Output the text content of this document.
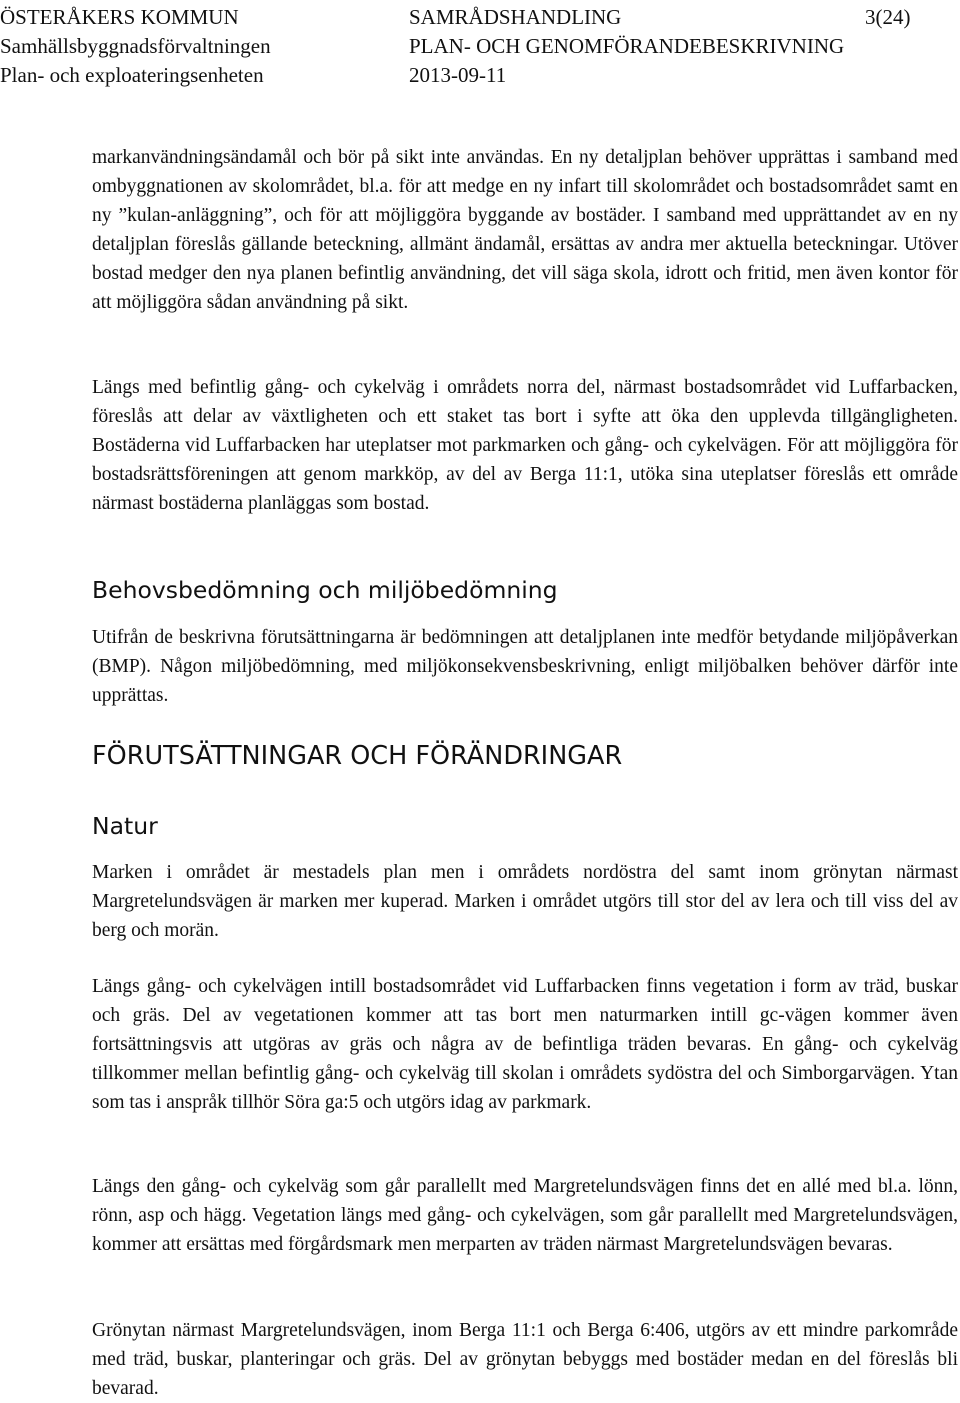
ÖSTERÅKERS KOMMUN	SAMRÅDSHANDLING	3(24)
Samhällsbyggnadsförvaltningen	PLAN- OCH GENOMFÖRANDEBESKRIVNING
Plan- och exploateringsenheten	2013-09-11

markanvändningsändamål och bör på sikt inte användas. En ny detaljplan behöver upprättas i samband med ombyggnationen av skolområdet, bl.a. för att medge en ny infart till skolområdet och bostadsområdet samt en ny ”kulan-anläggning”, och för att möjliggöra byggande av bostäder. I samband med upprättandet av en ny detaljplan föreslås gällande beteckning, allmänt ändamål, ersättas av andra mer aktuella beteckningar. Utöver bostad medger den nya planen befintlig användning, det vill säga skola, idrott och fritid, men även kontor för att möjliggöra sådan användning på sikt.

Längs med befintlig gång- och cykelväg i områdets norra del, närmast bostadsområdet vid Luffarbacken, föreslås att delar av växtligheten och ett staket tas bort i syfte att öka den upplevda tillgängligheten. Bostäderna vid Luffarbacken har uteplatser mot parkmarken och gång- och cykelvägen. För att möjliggöra för bostadsrättsföreningen att genom markköp, av del av Berga 11:1, utöka sina uteplatser föreslås ett område närmast bostäderna planläggas som bostad.

Behovsbedömning och miljöbedömning

Utifrån de beskrivna förutsättningarna är bedömningen att detaljplanen inte medför betydande miljöpåverkan (BMP). Någon miljöbedömning, med miljökonsekvensbeskrivning, enligt miljöbalken behöver därför inte upprättas.

FÖRUTSÄTTNINGAR OCH FÖRÄNDRINGAR
Natur

Marken i området är mestadels plan men i områdets nordöstra del samt inom grönytan närmast Margretelundsvägen är marken mer kuperad. Marken i området utgörs till stor del av lera och till viss del av berg och morän.

Längs gång- och cykelvägen intill bostadsområdet vid Luffarbacken finns vegetation i form av träd, buskar och gräs. Del av vegetationen kommer att tas bort men naturmarken intill gc-vägen kommer även fortsättningsvis att utgöras av gräs och några av de befintliga träden bevaras. En gång- och cykelväg tillkommer mellan befintlig gång- och cykelväg till skolan i områdets sydöstra del och Simborgarvägen. Ytan som tas i anspråk tillhör Söra ga:5 och utgörs idag av parkmark.

Längs den gång- och cykelväg som går parallellt med Margretelundsvägen finns det en allé med bl.a. lönn, rönn, asp och hägg. Vegetation längs med gång- och cykelvägen, som går parallellt med Margretelundsvägen, kommer att ersättas med förgårdsmark men merparten av träden närmast Margretelundsvägen bevaras.

Grönytan närmast Margretelundsvägen, inom Berga 11:1 och Berga 6:406, utgörs av ett mindre parkområde med träd, buskar, planteringar och gräs. Del av grönytan bebyggs med bostäder medan en del föreslås bli bevarad.
